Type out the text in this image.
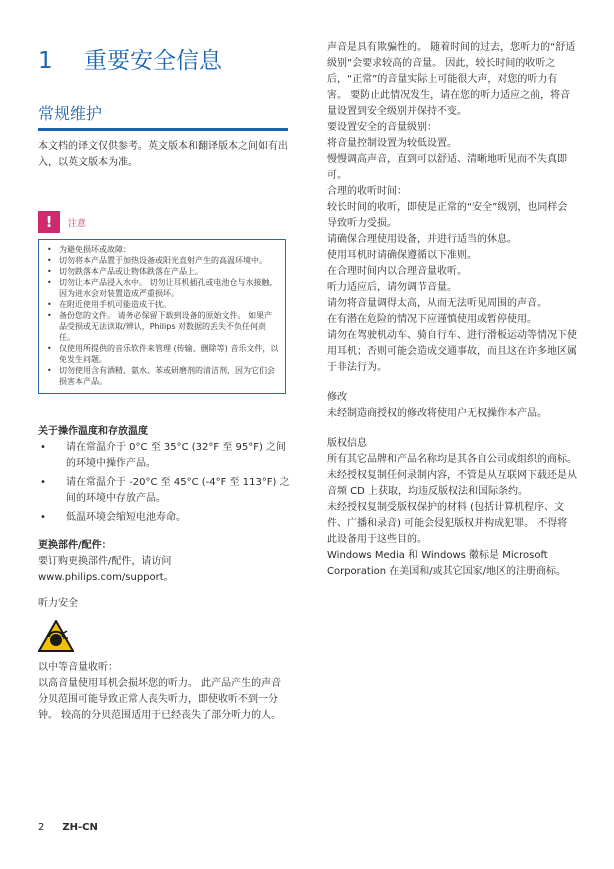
1	重要安全信息
常规维护

本文档的译文仅供参考。英文版本和翻译版本之间如有出入，以英文版本为准。

!	注意
• 为避免损坏或故障：
• 切勿将本产品置于加热设备或阳光直射产生的高温环境中。
• 切勿跌落本产品或让物体跌落在产品上。
• 切勿让本产品浸入水中。 切勿让耳机插孔或电池仓与水接触，因为进水会对装置造成严重损坏。
• 在附近使用手机可能造成干扰。
• 备份您的文件。 请务必保留下载到设备的原始文件。 如果产品受损或无法读取/辨认，Philips 对数据的丢失不负任何责任。
• 仅使用所提供的音乐软件来管理 (传输、删除等) 音乐文件，以免发生问题。
• 切勿使用含有酒精、氨水、苯或研磨剂的清洁剂，因为它们会损害本产品。

关于操作温度和存放温度

• 请在常温介于 0°C 至 35°C (32°F 至 95°F) 之间的环境中操作产品。
• 请在常温介于 -20°C 至 45°C (-4°F 至 113°F) 之间的环境中存放产品。
• 低温环境会缩短电池寿命。

更换部件/配件：

要订购更换部件/配件，请访问 www.philips.com/support。

听力安全

以中等音量收听：

以高音量使用耳机会损坏您的听力。 此产品产生的声音分贝范围可能导致正常人丧失听力，即使收听不到一分钟。 较高的分贝范围适用于已经丧失了部分听力的人。

声音是具有欺骗性的。 随着时间的过去，您听力的“舒适级别”会要求较高的音量。 因此，较长时间的收听之后，“正常”的音量实际上可能很大声，对您的听力有害。 要防止此情况发生，请在您的听力适应之前，将音量设置到安全级别并保持不变。

要设置安全的音量级别：

将音量控制设置为较低设置。

慢慢调高声音，直到可以舒适、清晰地听见而不失真即可。

合理的收听时间：

较长时间的收听，即使是正常的“安全”级别，也同样会导致听力受损。

请确保合理使用设备，并进行适当的休息。

使用耳机时请确保遵循以下准则。

在合理时间内以合理音量收听。

听力适应后，请勿调节音量。

请勿将音量调得太高，从而无法听见周围的声音。

在有潜在危险的情况下应谨慎使用或暂停使用。

请勿在驾驶机动车、骑自行车、进行滑板运动等情况下使用耳机；否则可能会造成交通事故，而且这在许多地区属于非法行为。

修改

未经制造商授权的修改将使用户无权操作本产品。

版权信息

所有其它品牌和产品名称均是其各自公司或组织的商标。

未经授权复制任何录制内容，不管是从互联网下载还是从音频 CD 上获取，均违反版权法和国际条约。

未经授权复制受版权保护的材料 (包括计算机程序、文件、广播和录音) 可能会侵犯版权并构成犯罪。 不得将此设备用于这些目的。

Windows Media 和 Windows 徽标是 Microsoft Corporation 在美国和/或其它国家/地区的注册商标。

2 ZH-CN
